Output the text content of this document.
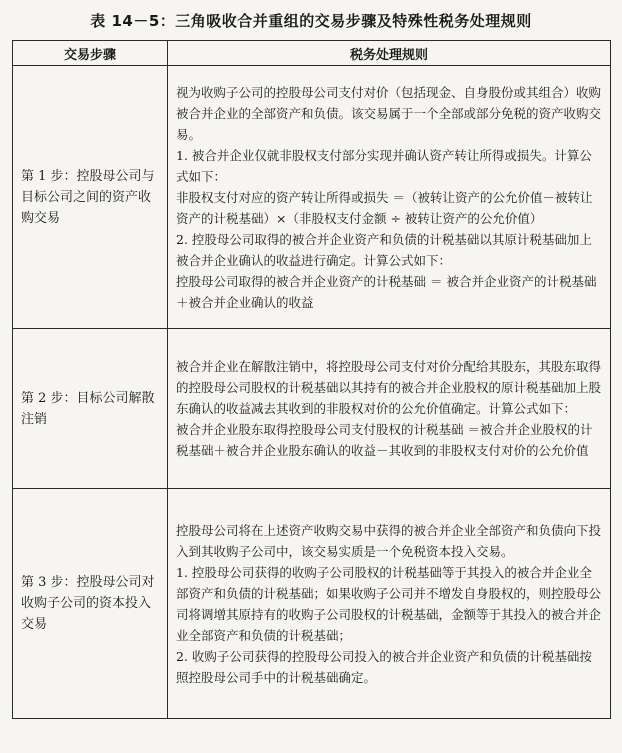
表 14－5：三角吸收合并重组的交易步骤及特殊性税务处理规则
交易步骤	税务处理规则
第 1 步：控股母公司与目标公司之间的资产收购交易	视为收购子公司的控股母公司支付对价（包括现金、自身股份或其组合）收购被合并企业的全部资产和负债。该交易属于一个全部或部分免税的资产收购交易。

1. 被合并企业仅就非股权支付部分实现并确认资产转让所得或损失。计算公式如下：

非股权支付对应的资产转让所得或损失 ＝（被转让资产的公允价值－被转让资产的计税基础）×（非股权支付金额 ÷ 被转让资产的公允价值）

2. 控股母公司取得的被合并企业资产和负债的计税基础以其原计税基础加上被合并企业确认的收益进行确定。计算公式如下：

控股母公司取得的被合并企业资产的计税基础 ＝ 被合并企业资产的计税基础＋被合并企业确认的收益

第 2 步：目标公司解散注销	被合并企业在解散注销中，将控股母公司支付对价分配给其股东，其股东取得的控股母公司股权的计税基础以其持有的被合并企业股权的原计税基础加上股东确认的收益减去其收到的非股权对价的公允价值确定。计算公式如下：

被合并企业股东取得控股母公司支付股权的计税基础 ＝被合并企业股权的计税基础＋被合并企业股东确认的收益－其收到的非股权支付对价的公允价值

第 3 步：控股母公司对收购子公司的资本投入交易	控股母公司将在上述资产收购交易中获得的被合并企业全部资产和负债向下投入到其收购子公司中，该交易实质是一个免税资本投入交易。

1. 控股母公司获得的收购子公司股权的计税基础等于其投入的被合并企业全部资产和负债的计税基础；如果收购子公司并不增发自身股权的，则控股母公司将调增其原持有的收购子公司股权的计税基础，金额等于其投入的被合并企业全部资产和负债的计税基础；

2. 收购子公司获得的控股母公司投入的被合并企业资产和负债的计税基础按照控股母公司手中的计税基础确定。
